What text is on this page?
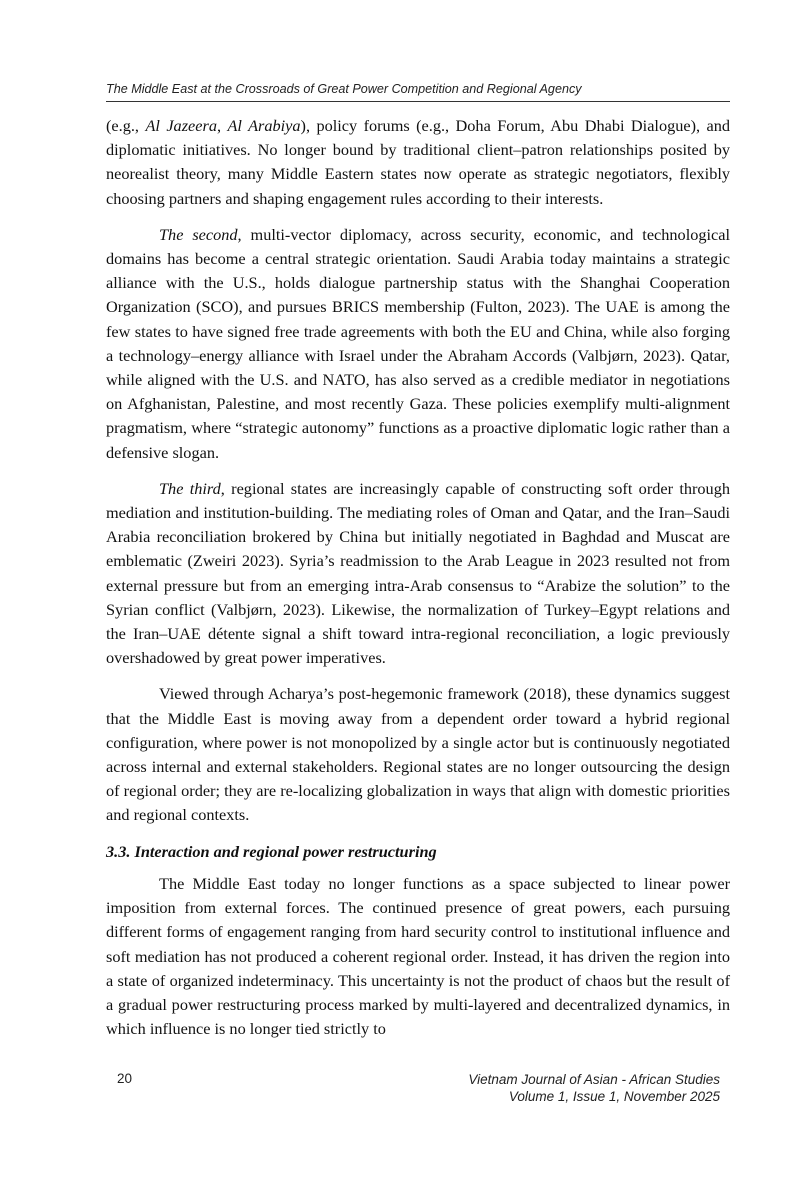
The Middle East at the Crossroads of Great Power Competition and Regional Agency

(e.g., Al Jazeera, Al Arabiya), policy forums (e.g., Doha Forum, Abu Dhabi Dialogue), and diplomatic initiatives. No longer bound by traditional client–patron relationships posited by neorealist theory, many Middle Eastern states now operate as strategic negotiators, flexibly choosing partners and shaping engagement rules according to their interests.

The second, multi-vector diplomacy, across security, economic, and technological domains has become a central strategic orientation. Saudi Arabia today maintains a strategic alliance with the U.S., holds dialogue partnership status with the Shanghai Cooperation Organization (SCO), and pursues BRICS membership (Fulton, 2023). The UAE is among the few states to have signed free trade agreements with both the EU and China, while also forging a technology–energy alliance with Israel under the Abraham Accords (Valbjørn, 2023). Qatar, while aligned with the U.S. and NATO, has also served as a credible mediator in negotiations on Afghanistan, Palestine, and most recently Gaza. These policies exemplify multi-alignment pragmatism, where “strategic autonomy” functions as a proactive diplomatic logic rather than a defensive slogan.

The third, regional states are increasingly capable of constructing soft order through mediation and institution-building. The mediating roles of Oman and Qatar, and the Iran–Saudi Arabia reconciliation brokered by China but initially negotiated in Baghdad and Muscat are emblematic (Zweiri 2023). Syria’s readmission to the Arab League in 2023 resulted not from external pressure but from an emerging intra-Arab consensus to “Arabize the solution” to the Syrian conflict (Valbjørn, 2023). Likewise, the normalization of Turkey–Egypt relations and the Iran–UAE détente signal a shift toward intra-regional reconciliation, a logic previously overshadowed by great power imperatives.

Viewed through Acharya’s post-hegemonic framework (2018), these dynamics suggest that the Middle East is moving away from a dependent order toward a hybrid regional configuration, where power is not monopolized by a single actor but is continuously negotiated across internal and external stakeholders. Regional states are no longer outsourcing the design of regional order; they are re-localizing globalization in ways that align with domestic priorities and regional contexts.

3.3. Interaction and regional power restructuring

The Middle East today no longer functions as a space subjected to linear power imposition from external forces. The continued presence of great powers, each pursuing different forms of engagement ranging from hard security control to institutional influence and soft mediation has not produced a coherent regional order. Instead, it has driven the region into a state of organized indeterminacy. This uncertainty is not the product of chaos but the result of a gradual power restructuring process marked by multi-layered and decentralized dynamics, in which influence is no longer tied strictly to

20	Vietnam Journal of Asian - African Studies
Volume 1, Issue 1, November 2025
